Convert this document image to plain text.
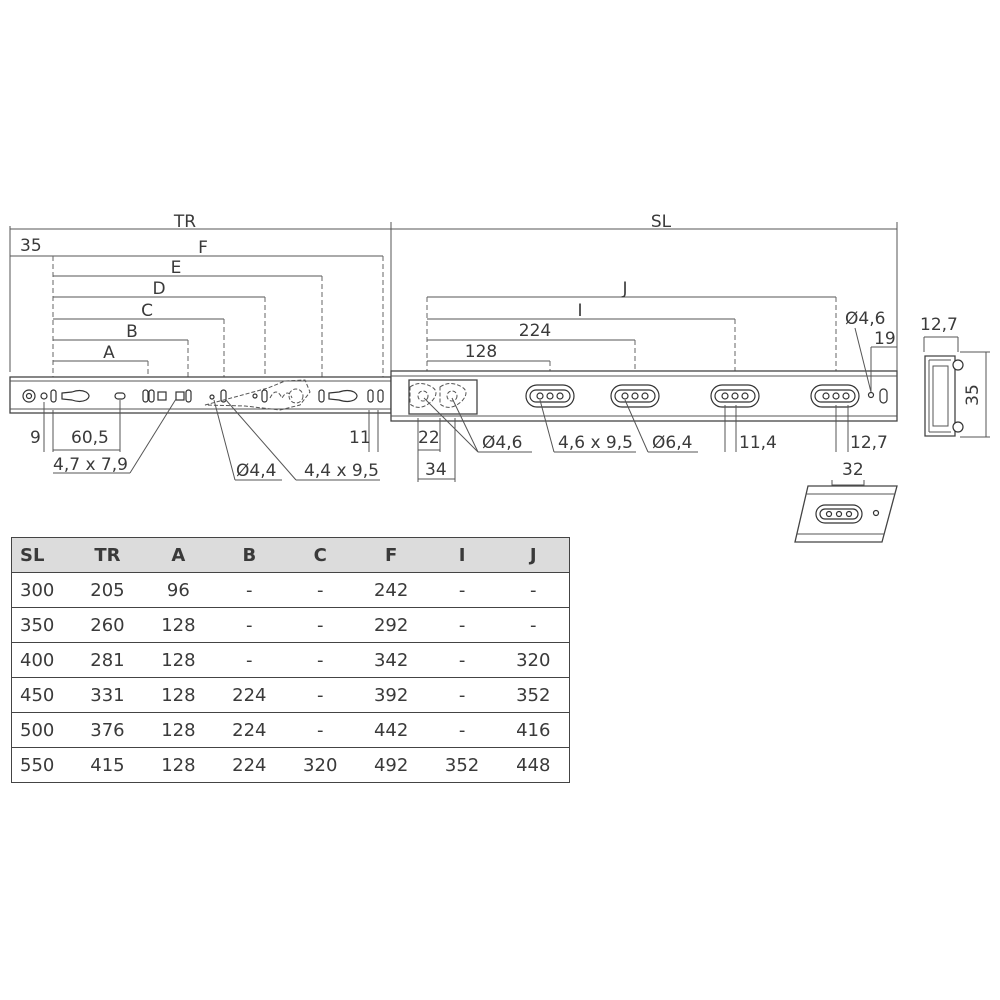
TR	SL
35	F
E
D
C
B
A
J
I
224
128
Ø4,6
19
12,7
35
9 60,5	11
4,7 x 7,9	Ø4,4 4,4 x 9,5
22
34
Ø4,6 4,6 x 9,5 Ø6,4	11,4	12,7
32
SL	TR	A	B	C	F	I	J
300	205	96	-	-	242	-	-
350	260	128	-	-	292	-	-
400	281	128	-	-	342	-	320
450	331	128	224	-	392	-	352
500	376	128	224	-	442	-	416
550	415	128	224	320	492	352	448
